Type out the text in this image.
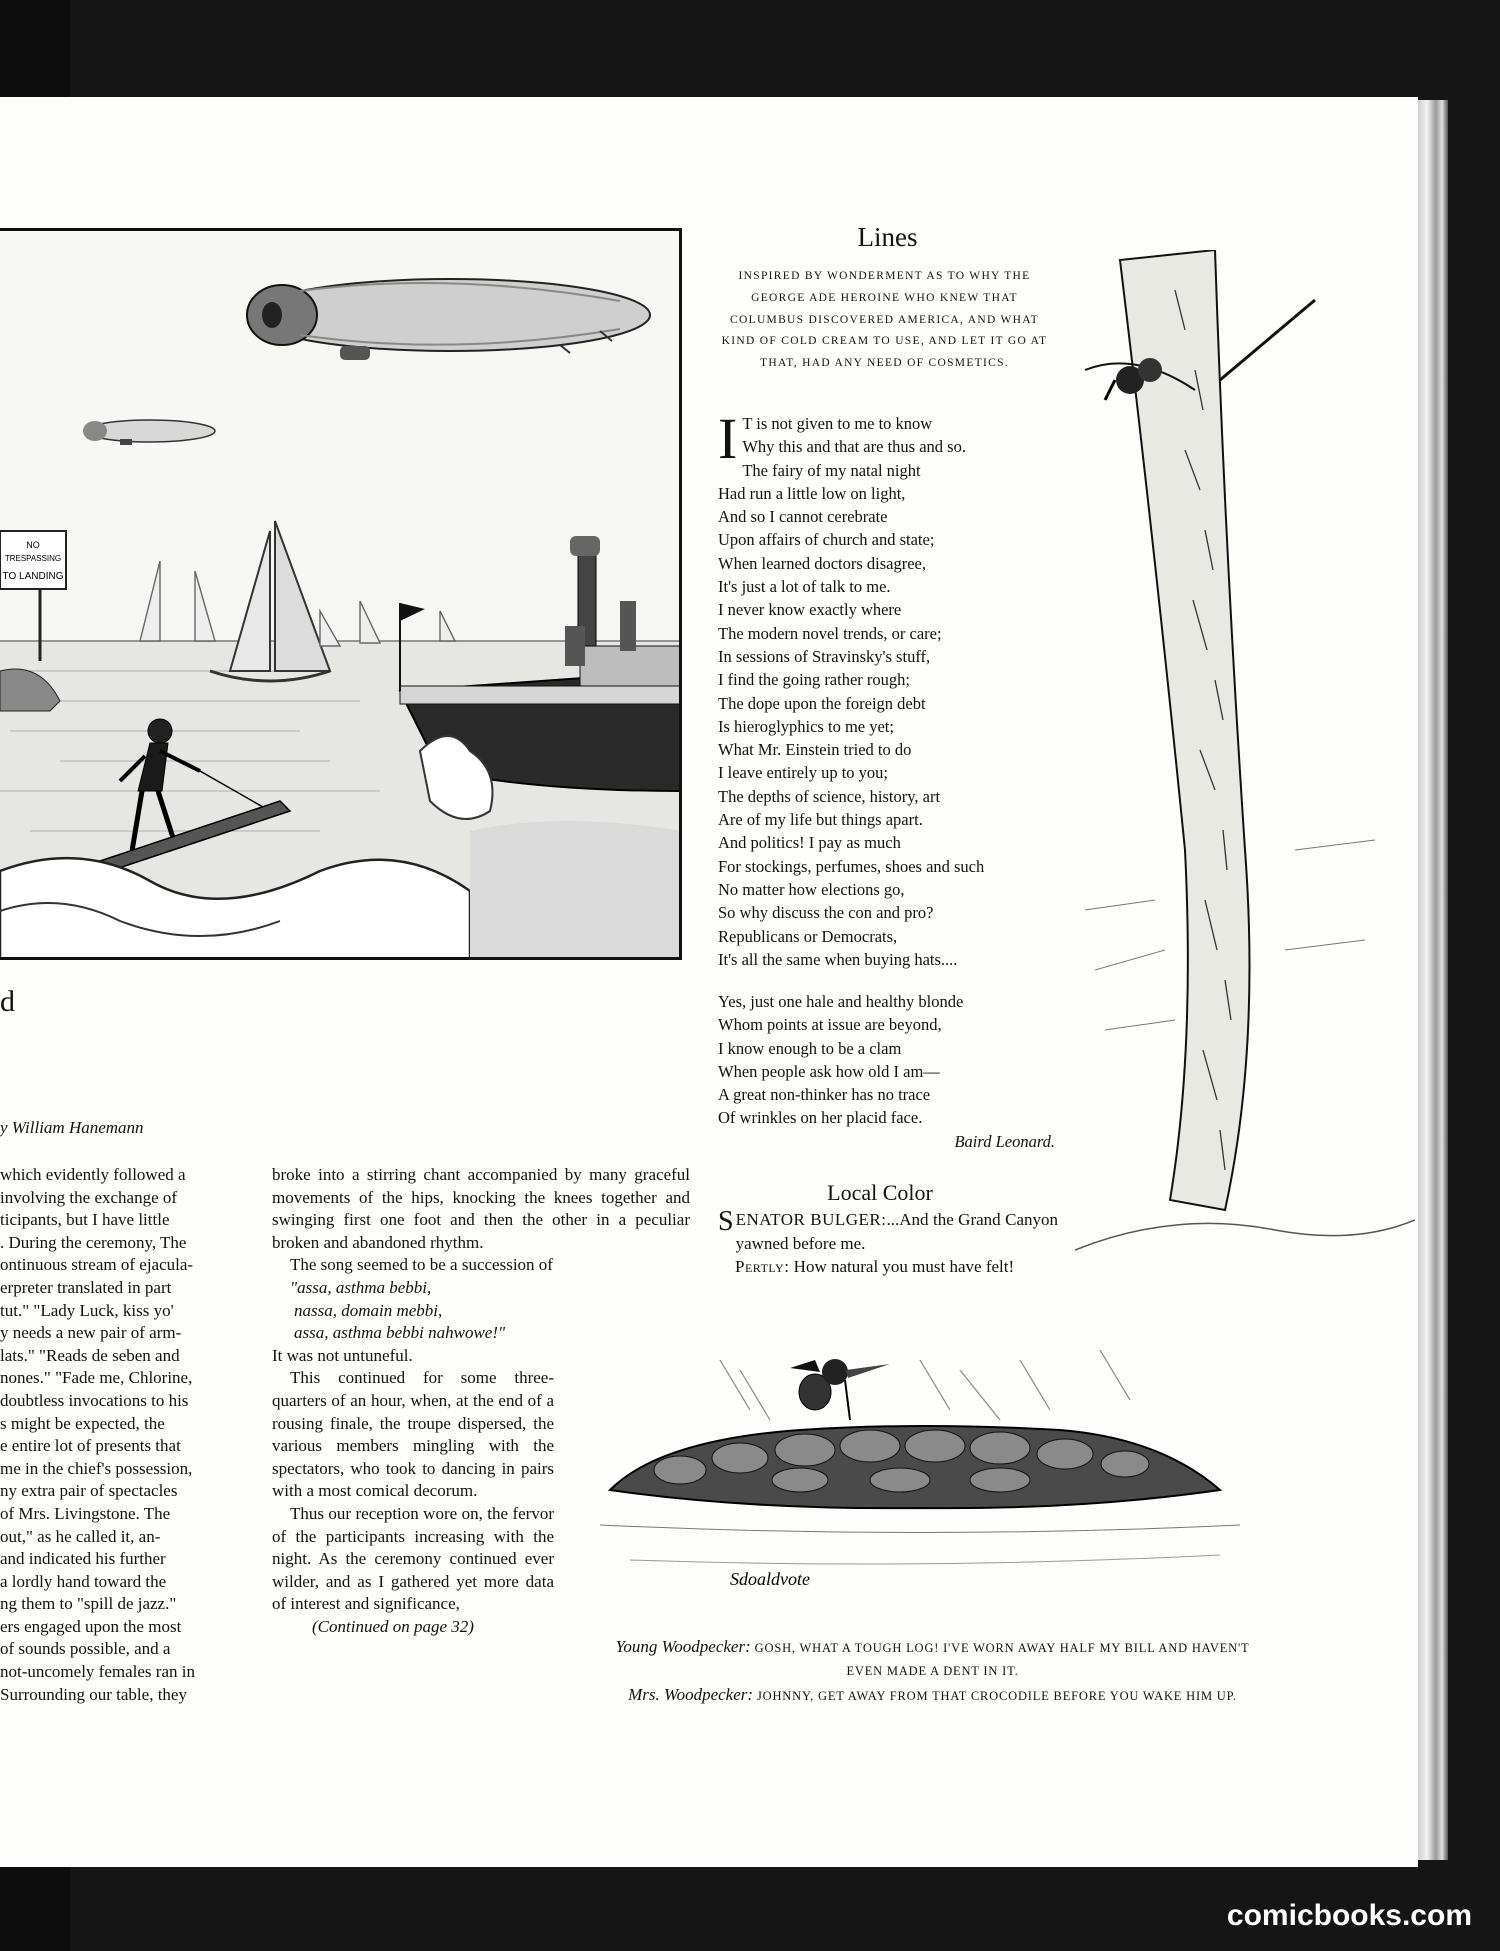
NO
TRESPASSING
TO LANDING
d
y William Hanemann
which evidently followed a
involving the exchange of
ticipants, but I have little
. During the ceremony, The
ontinuous stream of ejacula-
erpreter translated in part
tut." "Lady Luck, kiss yo'
y needs a new pair of arm-
lats." "Reads de seben and
nones." "Fade me, Chlorine,
doubtless invocations to his
s might be expected, the
e entire lot of presents that
me in the chief's possession,
ny extra pair of spectacles
of Mrs. Livingstone. The
out," as he called it, an-
and indicated his further
a lordly hand toward the
ng them to "spill de jazz."
ers engaged upon the most
of sounds possible, and a
not-uncomely females ran in
Surrounding our table, they

broke into a stirring chant accompanied by many graceful movements of the hips, knocking the knees together and swinging first one foot and then the other in a peculiar broken and abandoned rhythm.

The song seemed to be a succession of

"assa, asthma bebbi,

nassa, domain mebbi,

assa, asthma bebbi nahwowe!"

It was not untuneful.

This continued for some three-quarters of an hour, when, at the end of a rousing finale, the troupe dispersed, the various members mingling with the spectators, who took to dancing in pairs with a most comical decorum.

Thus our reception wore on, the fervor of the participants increasing with the night. As the ceremony continued ever wilder, and as I gathered yet more data of interest and significance,

(Continued on page 32)

Lines
INSPIRED BY WONDERMENT AS TO WHY THE GEORGE ADE HEROINE WHO KNEW THAT COLUMBUS DISCOVERED AMERICA, AND WHAT KIND OF COLD CREAM TO USE, AND LET IT GO AT THAT, HAD ANY NEED OF COSMETICS.
I T is not given to me to know
Why this and that are thus and so.
The fairy of my natal night
Had run a little low on light,
And so I cannot cerebrate
Upon affairs of church and state;
When learned doctors disagree,
It's just a lot of talk to me.
I never know exactly where
The modern novel trends, or care;
In sessions of Stravinsky's stuff,
I find the going rather rough;
The dope upon the foreign debt
Is hieroglyphics to me yet;
What Mr. Einstein tried to do
I leave entirely up to you;
The depths of science, history, art
Are of my life but things apart.
And politics! I pay as much
For stockings, perfumes, shoes and such
No matter how elections go,
So why discuss the con and pro?
Republicans or Democrats,
It's all the same when buying hats....
Yes, just one hale and healthy blonde
Whom points at issue are beyond,
I know enough to be a clam
When people ask how old I am—
A great non-thinker has no trace
Of wrinkles on her placid face.
Baird Leonard.
Local Color
SENATOR BULGER:...And the Grand Canyon yawned before me.
Pertly: How natural you must have felt!
Sdoaldvote
Young Woodpecker: GOSH, WHAT A TOUGH LOG! I'VE WORN AWAY HALF MY BILL AND HAVEN'T EVEN MADE A DENT IN IT.
Mrs. Woodpecker: JOHNNY, GET AWAY FROM THAT CROCODILE BEFORE YOU WAKE HIM UP.
comicbooks.com
